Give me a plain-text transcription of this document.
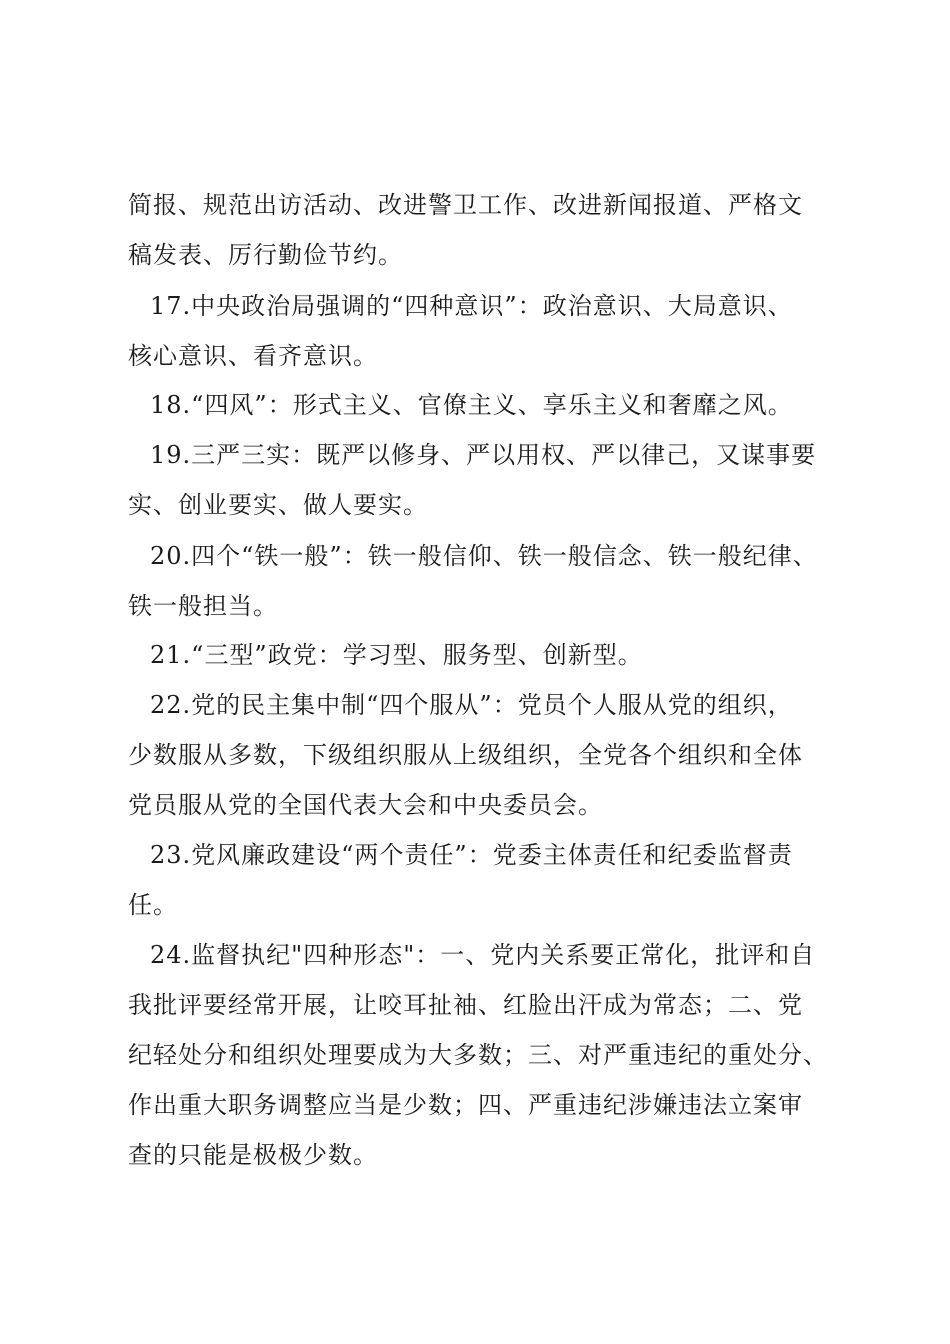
简报、规范出访活动、改进警卫工作、改进新闻报道、严格文
稿发表、厉行勤俭节约。
17.中央政治局强调的“四种意识”：政治意识、大局意识、
核心意识、看齐意识。
18.“四风”：形式主义、官僚主义、享乐主义和奢靡之风。
19.三严三实：既严以修身、严以用权、严以律己，又谋事要
实、创业要实、做人要实。
20.四个“铁一般”：铁一般信仰、铁一般信念、铁一般纪律、
铁一般担当。
21.“三型”政党：学习型、服务型、创新型。
22.党的民主集中制“四个服从”：党员个人服从党的组织，
少数服从多数，下级组织服从上级组织，全党各个组织和全体
党员服从党的全国代表大会和中央委员会。
23.党风廉政建设“两个责任”：党委主体责任和纪委监督责
任。
24.监督执纪"四种形态"：一、党内关系要正常化，批评和自
我批评要经常开展，让咬耳扯袖、红脸出汗成为常态；二、党
纪轻处分和组织处理要成为大多数；三、对严重违纪的重处分、
作出重大职务调整应当是少数；四、严重违纪涉嫌违法立案审
查的只能是极极少数。
